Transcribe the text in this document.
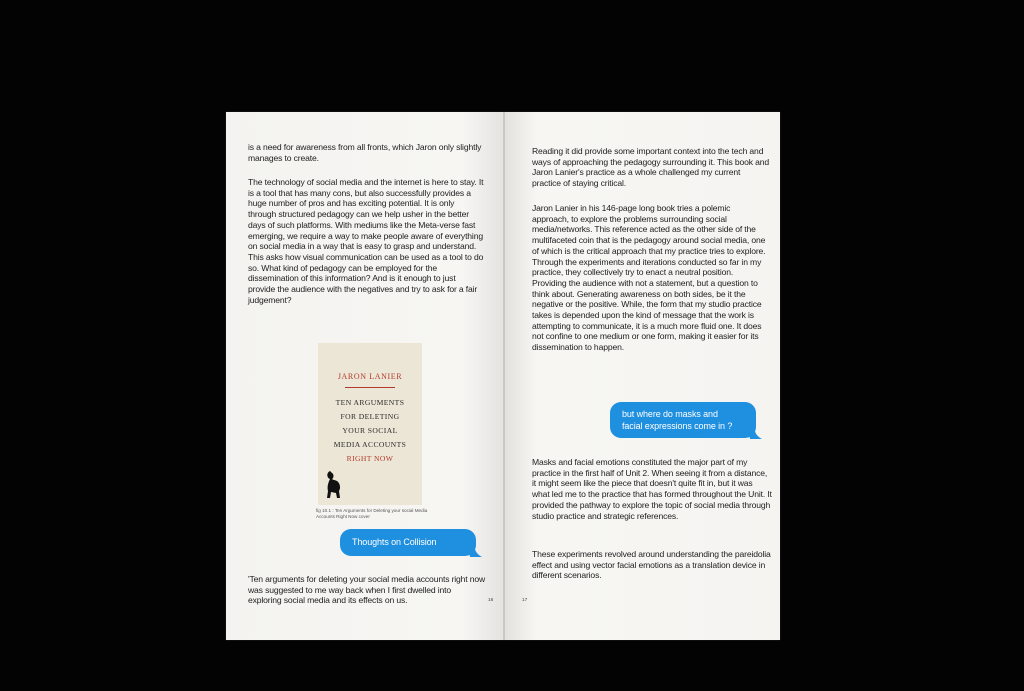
is a need for awareness from all fronts, which Jaron only slightly manages to create.

The technology of social media and the internet is here to stay. It is a tool that has many cons, but also successfully provides a huge number of pros and has exciting potential. It is only through structured pedagogy can we help usher in the better days of such platforms. With mediums like the Meta-verse fast emerging, we require a way to make people aware of everything on social media in a way that is easy to grasp and understand. This asks how visual communication can be used as a tool to do so. What kind of pedagogy can be employed for the dissemination of this information? And is it enough to just provide the audience with the negatives and try to ask for a fair judgement?

JARON LANIER
TEN ARGUMENTS
FOR DELETING
YOUR SOCIAL
MEDIA ACCOUNTS
RIGHT NOW
fig 10.1 : Ten Arguments for Deleting your social Media Accounts Right Now cover
Thoughts on Collision

'Ten arguments for deleting your social media accounts right now was suggested to me way back when I first dwelled into exploring social media and its effects on us.	16

Reading it did provide some important context into the tech and ways of approaching the pedagogy surrounding it. This book and Jaron Lanier's practice as a whole challenged my current practice of staying critical.

Jaron Lanier in his 146-page long book tries a polemic approach, to explore the problems surrounding social media/networks. This reference acted as the other side of the multifaceted coin that is the pedagogy around social media, one of which is the critical approach that my practice tries to explore. Through the experiments and iterations conducted so far in my practice, they collectively try to enact a neutral position. Providing the audience with not a statement, but a question to think about. Generating awareness on both sides, be it the negative or the positive. While, the form that my studio practice takes is depended upon the kind of message that the work is attempting to communicate, it is a much more fluid one. It does not confine to one medium or one form, making it easier for its dissemination to happen.

but where do masks and
facial expressions come in ?

Masks and facial emotions constituted the major part of my practice in the first half of Unit 2. When seeing it from a distance, it might seem like the piece that doesn't quite fit in, but it was what led me to the practice that has formed throughout the Unit. It provided the pathway to explore the topic of social media through studio practice and strategic references.

These experiments revolved around understanding the pareidolia effect and using vector facial emotions as a translation device in different scenarios.

17
